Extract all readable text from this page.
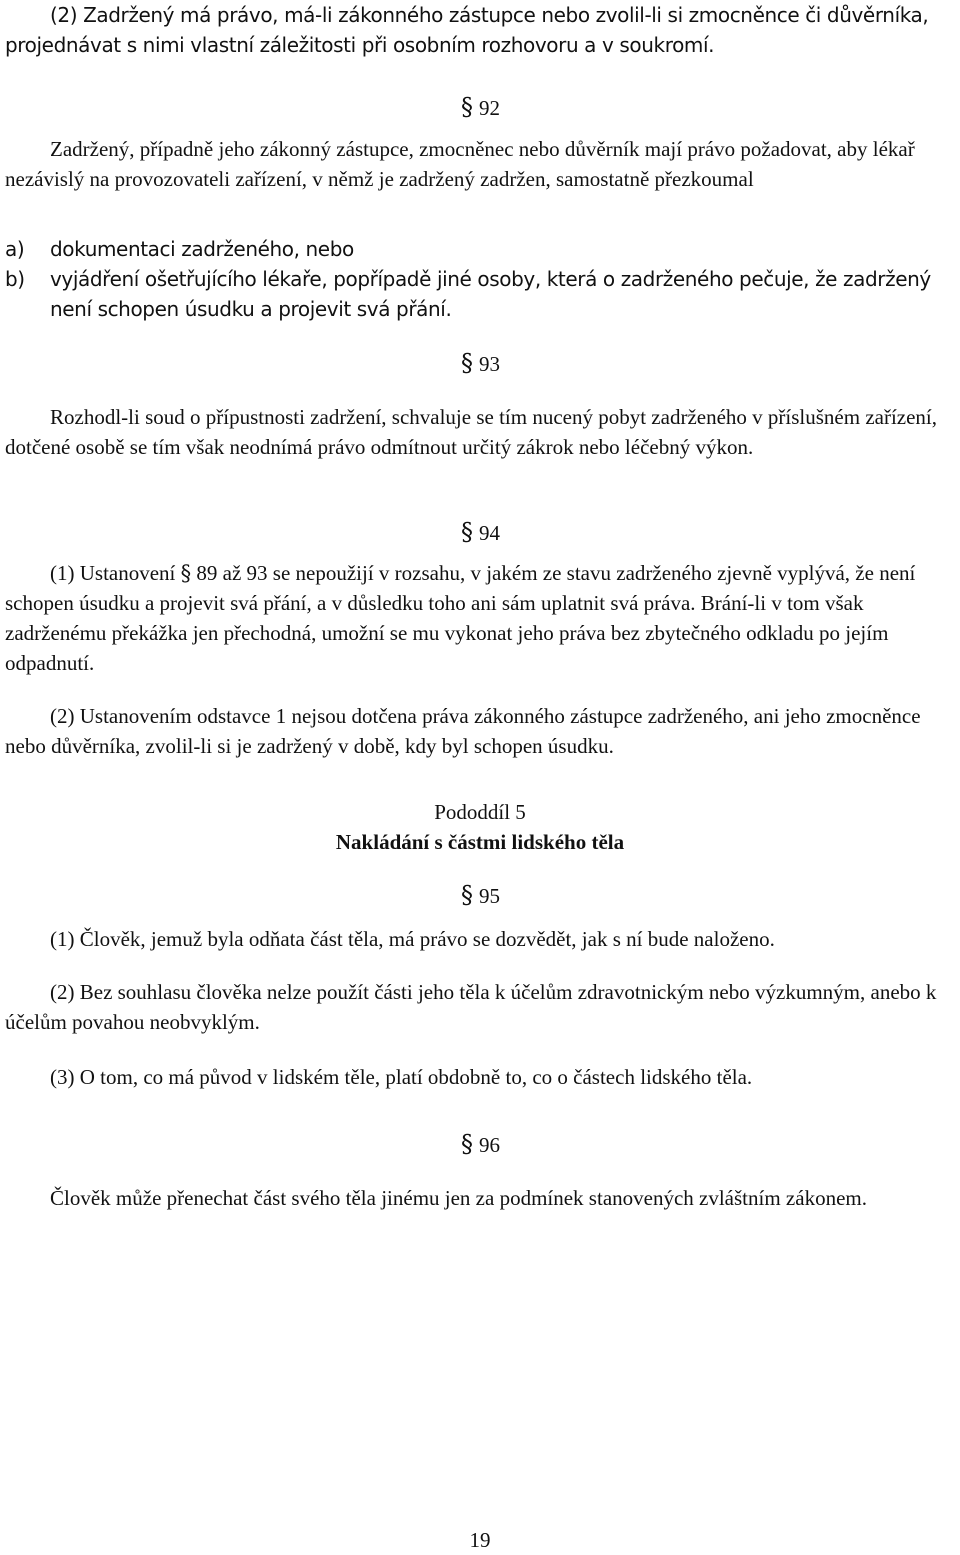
(2) Zadržený má právo, má-li zákonného zástupce nebo zvolil-li si zmocněnce či důvěrníka, projednávat s nimi vlastní záležitosti při osobním rozhovoru a v soukromí.

§ 92

Zadržený, případně jeho zákonný zástupce, zmocněnec nebo důvěrník mají právo požadovat, aby lékař nezávislý na provozovateli zařízení, v němž je zadržený zadržen, samostatně přezkoumal

a) dokumentaci zadrženého, nebo
b) vyjádření ošetřujícího lékaře, popřípadě jiné osoby, která o zadrženého pečuje, že zadržený není schopen úsudku a projevit svá přání.

§ 93

Rozhodl-li soud o přípustnosti zadržení, schvaluje se tím nucený pobyt zadrženého v příslušném zařízení, dotčené osobě se tím však neodnímá právo odmítnout určitý zákrok nebo léčebný výkon.

§ 94

(1) Ustanovení § 89 až 93 se nepoužijí v rozsahu, v jakém ze stavu zadrženého zjevně vyplývá, že není schopen úsudku a projevit svá přání, a v důsledku toho ani sám uplatnit svá práva. Brání-li v tom však zadrženému překážka jen přechodná, umožní se mu vykonat jeho práva bez zbytečného odkladu po jejím odpadnutí.

(2) Ustanovením odstavce 1 nejsou dotčena práva zákonného zástupce zadrženého, ani jeho zmocněnce nebo důvěrníka, zvolil-li si je zadržený v době, kdy byl schopen úsudku.

Pododdíl 5

Nakládání s částmi lidského těla

§ 95

(1) Člověk, jemuž byla odňata část těla, má právo se dozvědět, jak s ní bude naloženo.

(2) Bez souhlasu člověka nelze použít části jeho těla k účelům zdravotnickým nebo výzkumným, anebo k účelům povahou neobvyklým.

(3) O tom, co má původ v lidském těle, platí obdobně to, co o částech lidského těla.

§ 96

Člověk může přenechat část svého těla jinému jen za podmínek stanovených zvláštním zákonem.

19
